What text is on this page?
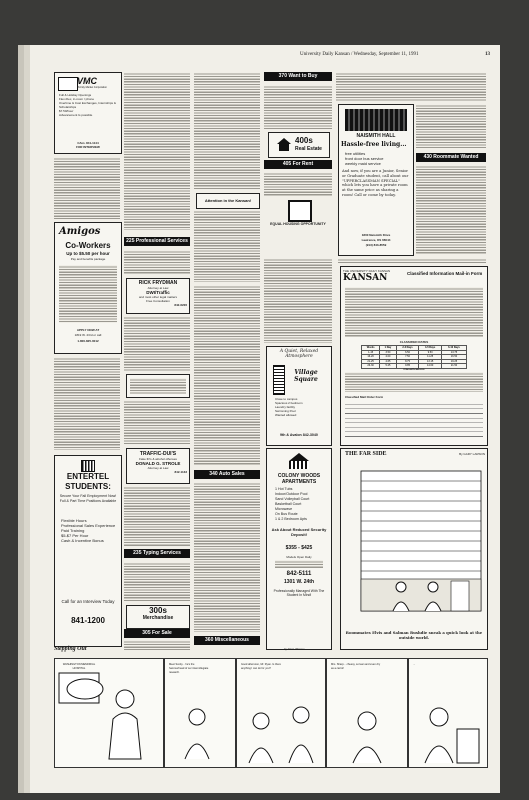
University Daily Kansan / Wednesday, September 11, 1991	13
VMC
Vicinity Market Corporation
Full & Holiday Openings
Flex-Flex, in-room / phone
Overtime & Cost Exchanges, Internships & Scholarships
$7.50/hour
Advancement Is possible
CALL 841-1144
FOR INTERVIEW
Amigos
Co-Workers
Up to $5.50 per hour
Pay and benefits package
APPLY NOW AT
1819 W. 23rd or call
1-800-825-0012
ENTERTEL
STUDENTS:
Secure Your Fall Employment Now! Full & Part Time Positions Available
Flexible Hours
Professional Sales Experience
Paid Training
$5-$7 Per Hour
Cash & Incentive Bonus
Call for an Interview Today
841-1200
225 Professional Services
RICK FRYDMAN
Attorney at Law
DWI/Traffic
and most other legal matters
Free Consultation
842-6226
TRAFFIC-DUI'S
Fake ID's & alcohol offenses
DONALD G. STROLE
Attorney at Law
842-1133
235 Typing Services
300s
Merchandise
305 For Sale
Attention in the Kansan!
340 Auto Sales
360 Miscellaneous
370 Want to Buy
400s
Real Estate
405 For Rent
EQUAL HOUSING OPPORTUNITY
A Quiet, Relaxed Atmosphere
Village Square
Close to campus
Spacious 2 bedroom
Laundry facility
Swimming Pool
Wanted allowed
9th & Avalon 842-3040
COLONY WOODS APARTMENTS
1 Hot Tubs
Indoor/Outdoor Pool
Sand Volleyball Court
Basketball Court
Microwave
On Bus Route
1 & 2 Bedroom Apts
Ask About Reduced Security Deposit!
$355 - $425
Models Open Daily
842-5111
1301 W. 24th
Professionally Managed With The Student In Mind!
NAISMITH HALL
Hassle-free living...
free utilities
front door bus service
weekly maid service
And now, if you are a Junior, Senior or Graduate student, call about our "UPPERCLASSMAN SPECIAL" which lets you have a private room at the same price as sharing a room! Call or come by today.
1800 Naismith Drive
Lawrence, KS 66044
(913) 843-8559
430 Roommate Wanted
THE UNIVERSITY DAILY KANSAN
KANSAN	Classified Information Mail-in Form
CLASSIFIED RATES
Words	1 Day	2-3 Days	4-5 Days	6-10 Days
1-15	3.50	6.50	9.50	13.75
16-20	4.00	7.50	11.25	16.50
21-25	4.65	8.75	13.15	19.25
26-30	5.25	9.85	14.60	21.50
Classifications
Classified Mail Order Form
THE FAR SIDE	By GARY LARSON
Roommates Elvis and Salman Rushdie sneak a quick look at the outside world.
Stepping Out	by Stan Thorne
WASHINGTON MEMORIAL HOSPITAL
Meet Scotty... he's the hammerhead of our intercollegiate research.
Good afternoon, Mr. Ryan. Is there anything I can do for you?
Mrs. Sharp... cheesy, so lean and even dry as a carrot!
...
